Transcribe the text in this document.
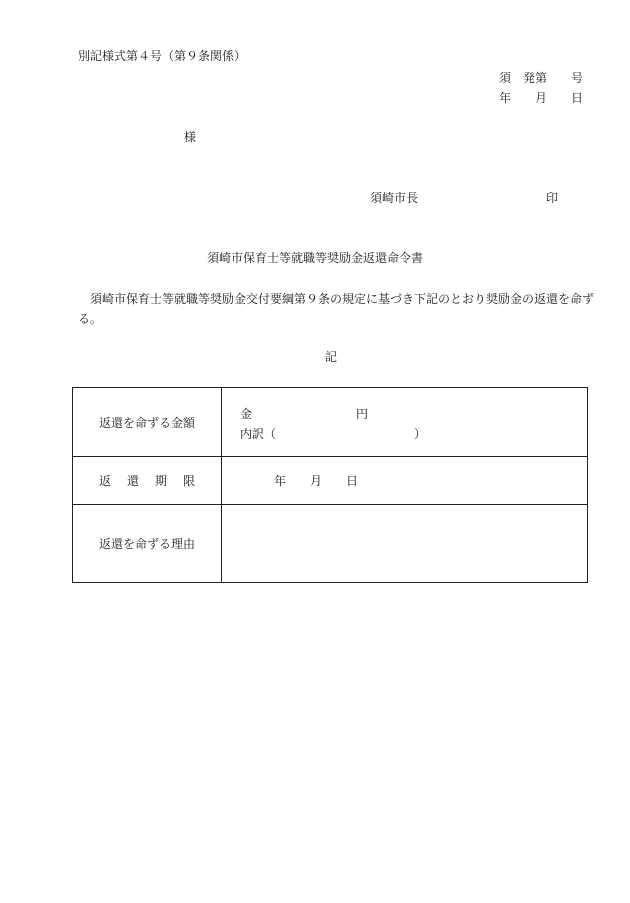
別記様式第４号（第９条関係）
須　発第　　号
年　　月　　日
様
須崎市長	印
須崎市保育士等就職等奨励金返還命令書
須崎市保育士等就職等奨励金交付要綱第９条の規定に基づき下記のとおり奨励金の返還を命ず
る。
記
返還を命ずる金額	金 円
内訳（ ）

返還期限	年 月 日

返還を命ずる理由	
